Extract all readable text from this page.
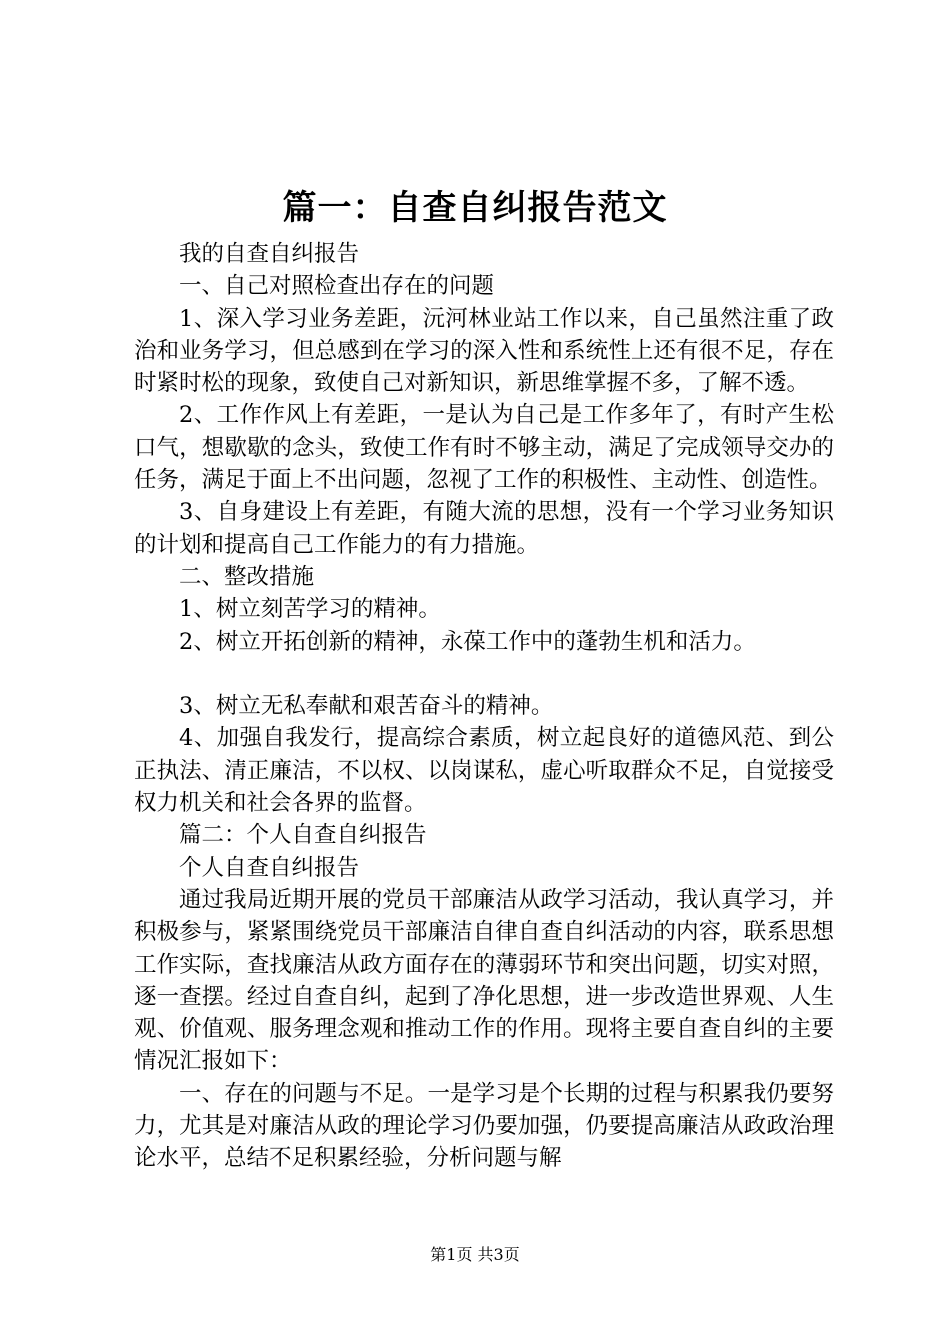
篇一：自查自纠报告范文

我的自查自纠报告

一、自己对照检查出存在的问题

1、深入学习业务差距，沅河林业站工作以来，自己虽然注重了政治和业务学习，但总感到在学习的深入性和系统性上还有很不足，存在时紧时松的现象，致使自己对新知识，新思维掌握不多，了解不透。

2、工作作风上有差距，一是认为自己是工作多年了，有时产生松口气，想歇歇的念头，致使工作有时不够主动，满足了完成领导交办的任务，满足于面上不出问题，忽视了工作的积极性、主动性、创造性。

3、自身建设上有差距，有随大流的思想，没有一个学习业务知识的计划和提高自己工作能力的有力措施。

二、整改措施

1、树立刻苦学习的精神。

2、树立开拓创新的精神，永葆工作中的蓬勃生机和活力。

3、树立无私奉献和艰苦奋斗的精神。

4、加强自我发行，提高综合素质，树立起良好的道德风范、到公正执法、清正廉洁，不以权、以岗谋私，虚心听取群众不足，自觉接受权力机关和社会各界的监督。

篇二：个人自查自纠报告

个人自查自纠报告

通过我局近期开展的党员干部廉洁从政学习活动，我认真学习，并积极参与，紧紧围绕党员干部廉洁自律自查自纠活动的内容，联系思想工作实际，查找廉洁从政方面存在的薄弱环节和突出问题，切实对照，逐一查摆。经过自查自纠，起到了净化思想，进一步改造世界观、人生观、价值观、服务理念观和推动工作的作用。现将主要自查自纠的主要情况汇报如下：

一、存在的问题与不足。一是学习是个长期的过程与积累我仍要努力，尤其是对廉洁从政的理论学习仍要加强，仍要提高廉洁从政政治理论水平，总结不足积累经验，分析问题与解

第1页 共3页
